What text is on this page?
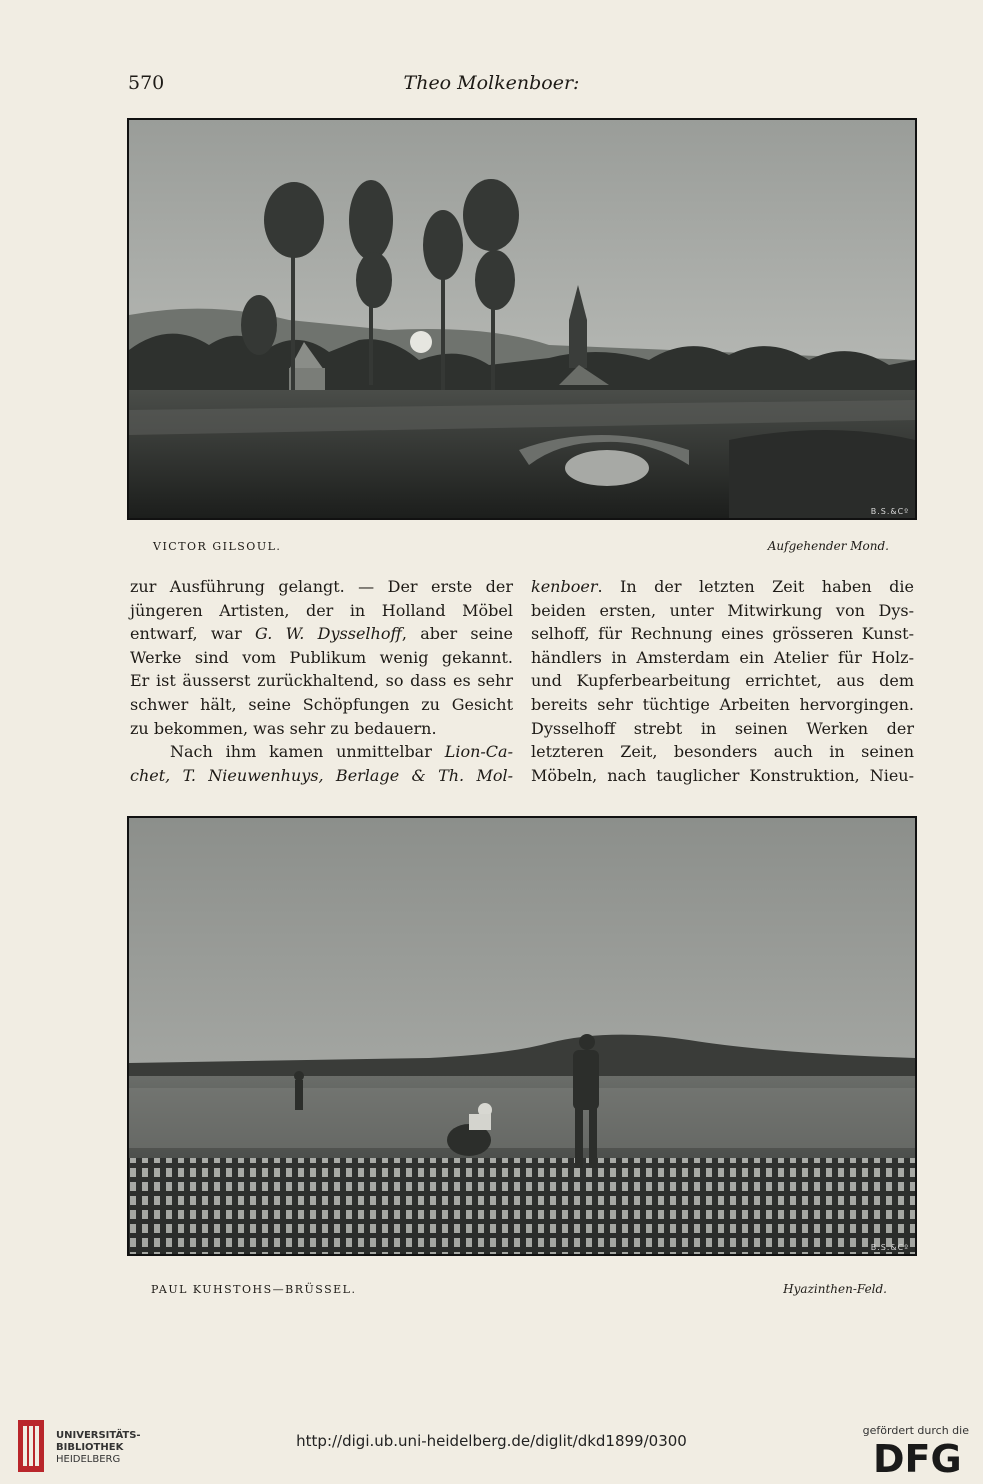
570	Theo Molkenboer:
B.S.&Cº
VICTOR GILSOUL.	Aufgehender Mond.

zur Ausführung gelangt. — Der erste der

jüngeren Artisten, der in Holland Möbel

entwarf, war G. W. Dysselhoff, aber seine

Werke sind vom Publikum wenig gekannt.

Er ist äusserst zurückhaltend, so dass es sehr

schwer hält, seine Schöpfungen zu Gesicht

zu bekommen, was sehr zu bedauern.

Nach ihm kamen unmittelbar Lion-Ca-

chet, T. Nieuwenhuys, Berlage & Th. Mol-

kenboer. In der letzten Zeit haben die

beiden ersten, unter Mitwirkung von Dys-

selhoff, für Rechnung eines grösseren Kunst-

händlers in Amsterdam ein Atelier für Holz-

und Kupferbearbeitung errichtet, aus dem

bereits sehr tüchtige Arbeiten hervorgingen.

Dysselhoff strebt in seinen Werken der

letzteren Zeit, besonders auch in seinen

Möbeln, nach tauglicher Konstruktion, Nieu-

B.S.&Cº
PAUL KUHSTOHS—BRÜSSEL.	Hyazinthen-Feld.
UNIVERSITÄTS-
BIBLIOTHEK
HEIDELBERG
http://digi.ub.uni-heidelberg.de/diglit/dkd1899/0300
gefördert durch die
DFG
